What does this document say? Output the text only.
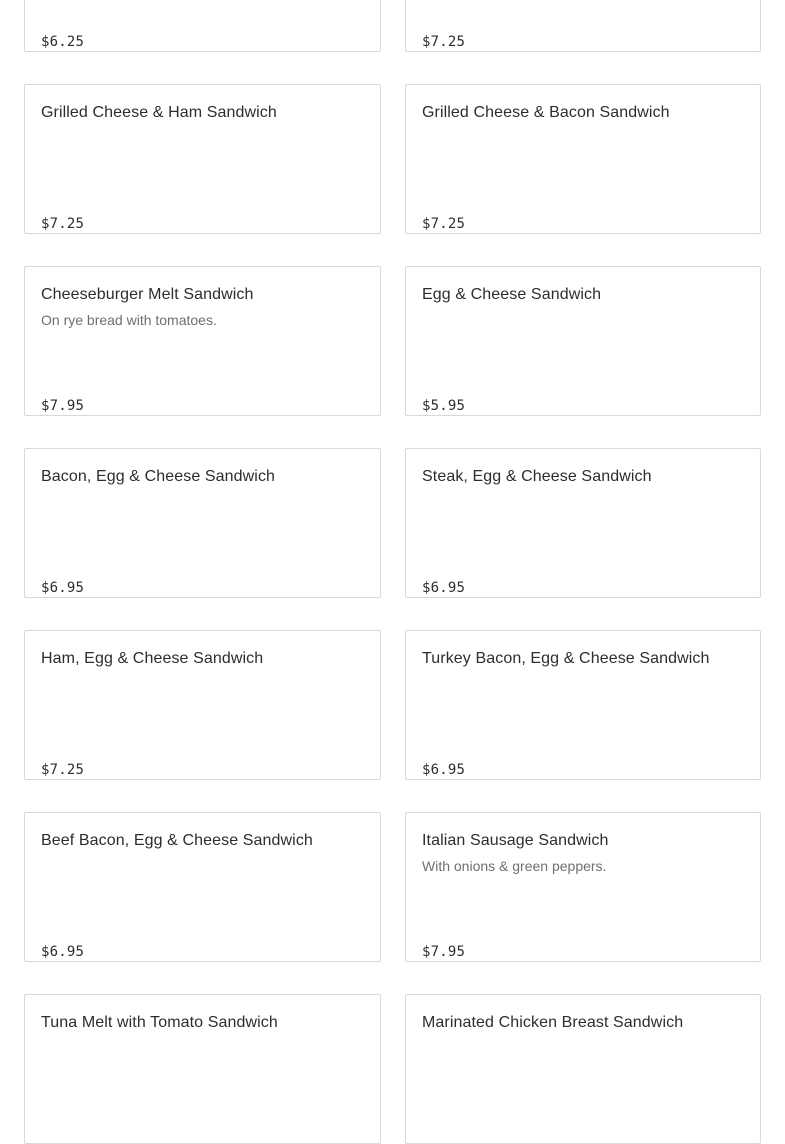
$6.25	$7.25
Grilled Cheese & Ham Sandwich
$7.25
Grilled Cheese & Bacon Sandwich
$7.25
Cheeseburger Melt Sandwich
On rye bread with tomatoes.
$7.95
Egg & Cheese Sandwich
$5.95
Bacon, Egg & Cheese Sandwich
$6.95
Steak, Egg & Cheese Sandwich
$6.95
Ham, Egg & Cheese Sandwich
$7.25
Turkey Bacon, Egg & Cheese Sandwich
$6.95
Beef Bacon, Egg & Cheese Sandwich
$6.95
Italian Sausage Sandwich
With onions & green peppers.
$7.95
Tuna Melt with Tomato Sandwich	Marinated Chicken Breast Sandwich
